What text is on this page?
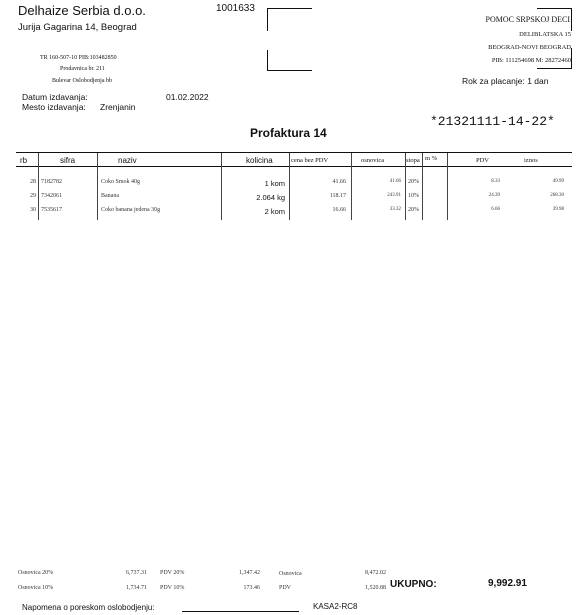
Delhaize Serbia d.o.o.
Jurija Gagarina 14, Beograd
1001633
POMOC SRPSKOJ DECI
DELIBLATSKA 15
BEOGRAD-NOVI BEOGRAD
PIB: 111254698 M: 28272460
Rok za placanje: 1 dan
TR 160-507-10 PIB:103482850
Prodavnica br. 211
Bulevar Oslobodjenja bb
Datum izdavanja:	01.02.2022
Mesto izdavanja: Zrenjanin
*21321111-14-22*
Profaktura 14
rb	sifra	naziv	kolicina	cena bez PDV	osnovica	stopa m %	PDV	iznos
28 7182782	Coko Smok 40g	1 kom	41.66	41.66 20%	8.33	49.99
29 7342061	Banana	2.064 kg	118.17	243.91 10%	24.39	268.30
30 7535617	Coko banana jedena 30g	2 kom	16.66	33.32 20%	6.66	39.98
Osnovica 20%	6,737.31 PDV 20%	1,347.42	Osnovica	8,472.02
Osnovica 10%	1,734.71 PDV 10%	173.46	PDV	1,520.88 UKUPNO:	9,992.91
Napomena o poreskom oslobodjenju:	KASA2-RC8
